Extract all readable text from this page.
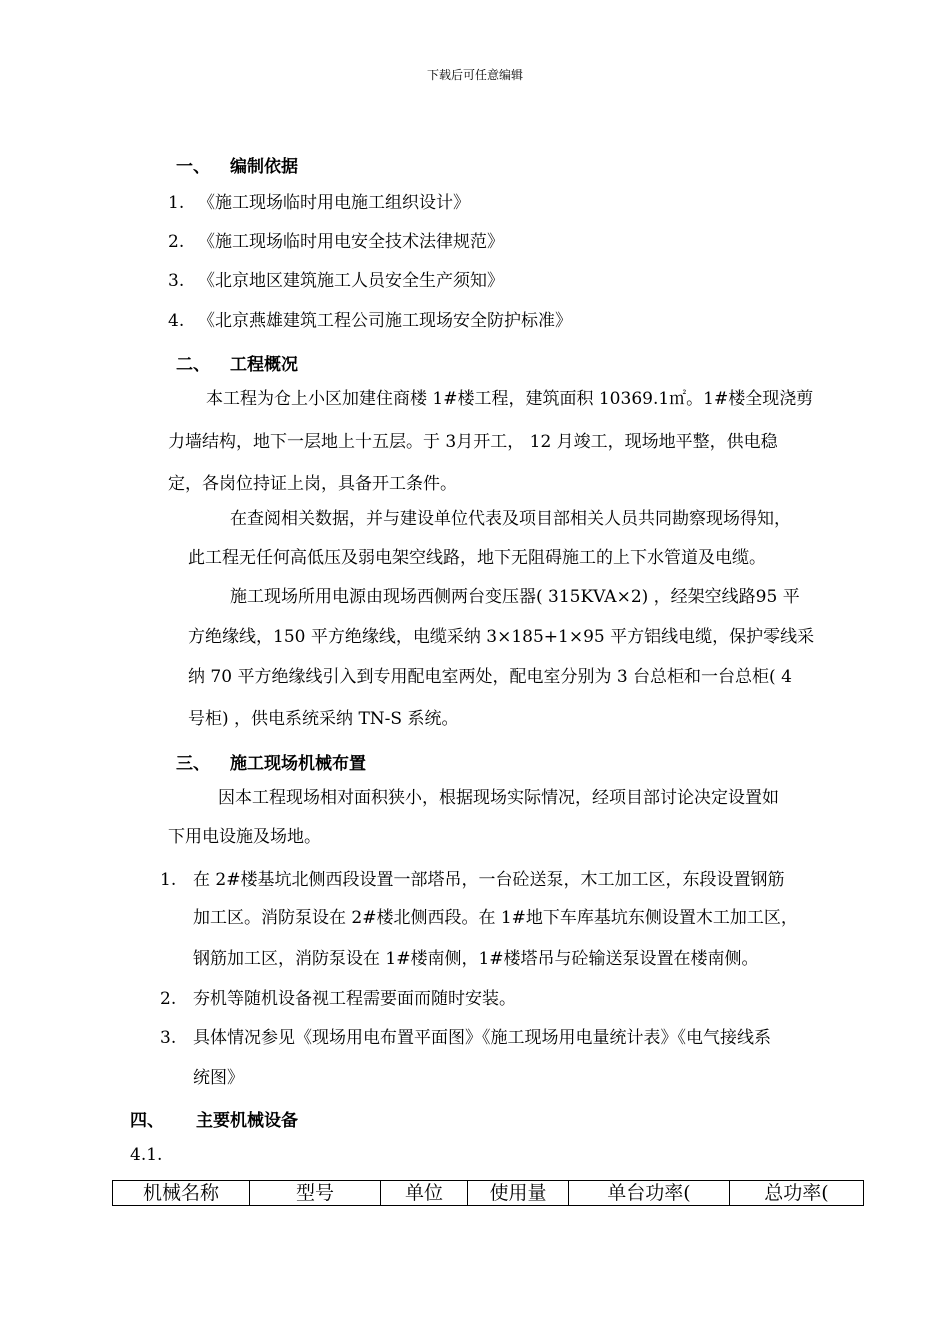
下载后可任意编辑
一、 编制依据
1. 《施工现场临时用电施工组织设计》
2. 《施工现场临时用电安全技术法律规范》
3. 《北京地区建筑施工人员安全生产须知》
4. 《北京燕雄建筑工程公司施工现场安全防护标准》
二、 工程概况
本工程为仓上小区加建住商楼 1#楼工程，建筑面积 10369.1㎡。1#楼全现浇剪
力墙结构，地下一层地上十五层。于 3月开工， 12 月竣工，现场地平整，供电稳
定，各岗位持证上岗，具备开工条件。
在查阅相关数据，并与建设单位代表及项目部相关人员共同勘察现场得知，
此工程无任何高低压及弱电架空线路，地下无阻碍施工的上下水管道及电缆。
施工现场所用电源由现场西侧两台变压器( 315KVA×2) ，经架空线路95 平
方绝缘线，150 平方绝缘线，电缆采纳 3×185+1×95 平方铝线电缆，保护零线采
纳 70 平方绝缘线引入到专用配电室两处，配电室分别为 3 台总柜和一台总柜( 4
号柜) ，供电系统采纳 TN-S 系统。
三、 施工现场机械布置
因本工程现场相对面积狭小，根据现场实际情况，经项目部讨论决定设置如
下用电设施及场地。
1. 在 2#楼基坑北侧西段设置一部塔吊，一台砼送泵，木工加工区，东段设置钢筋
加工区。消防泵设在 2#楼北侧西段。在 1#地下车库基坑东侧设置木工加工区，
钢筋加工区，消防泵设在 1#楼南侧，1#楼塔吊与砼输送泵设置在楼南侧。
2. 夯机等随机设备视工程需要面而随时安装。
3. 具体情况参见《现场用电布置平面图》《施工现场用电量统计表》《电气接线系
统图》
四、 主要机械设备
4.1.
机械名称	型号	单位	使用量	单台功率(	总功率(
